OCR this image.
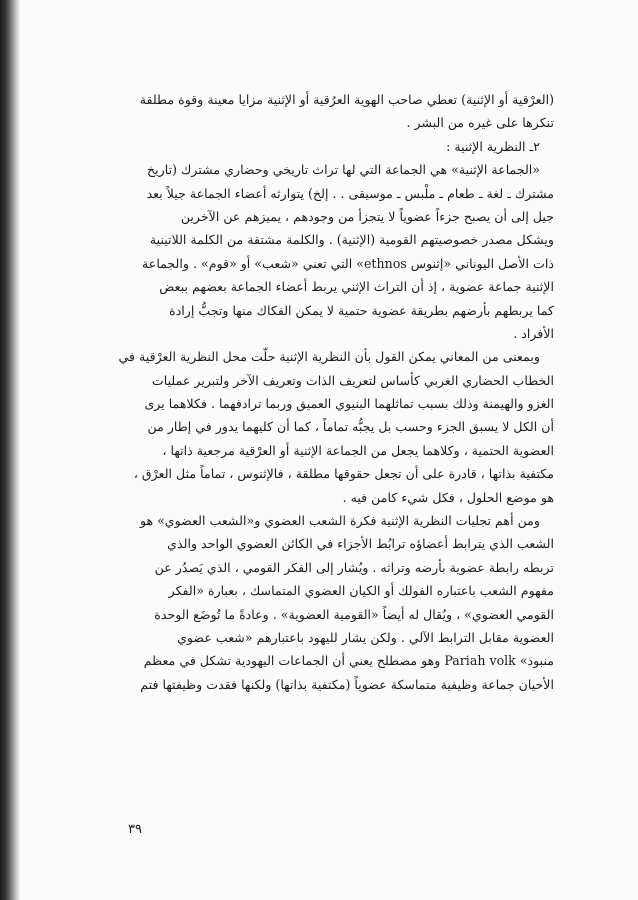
(العرْقية أو الإثنية) تعطي صاحب الهوية العرُقية أو الإثنية مزايا معينة وقوة مطلقة
تنكرها على غيره من البشر .
٢ـ النظرية الإثنية :
«الجماعة الإثنية» هي الجماعة التي لها تراث تاريخي وحضاري مشترك (تاريخ
مشترك ـ لغة ـ طعام ـ ملْبس ـ موسيقى . . إلخ) يتوارثه أعضاء الجماعة جيلاً بعد
جيل إلى أن يصبح جزءاً عضوياً لا يتجزأ من وجودهم ، يميزهم عن الآخرين
ويشكل مصدر خصوصيتهم القومية (الإثنية) . والكلمة مشتقة من الكلمة اللاتينية
ذات الأصل اليوناني «إثنوس ethnos» التي تعني «شعب» أو «قوم» . والجماعة
الإثنية جماعة عضوية ، إذ أن التراث الإثني يربط أعضاء الجماعة بعضهم ببعض
كما يربطهم بأرضهم بطريقة عضوية حتمية لا يمكن الفكاك منها وتجبُّ إرادة
الأفراد .
وبمعنى من المعاني يمكن القول بأن النظرية الإثنية حلّت محل النظرية العرْقية في
الخطاب الحضاري الغربي كأساس لتعريف الذات وتعريف الآخر ولتبرير عمليات
الغزو والهيمنة وذلك بسبب تماثلهما البنيوي العميق وربما ترادفهما . فكلاهما يرى
أن الكل لا يسبق الجزء وحسب بل يجبُّه تماماً ، كما أن كليهما يدور في إطار من
العضوية الحتمية ، وكلاهما يجعل من الجماعة الإثنية أو العرْقية مرجعية ذاتها ،
مكتفية بذاتها ، قادرة على أن تجعل حقوقها مطلقة ، فالإثنوس ، تماماً مثل العرْق ،
هو موضع الحلول ، فكل شيء كامن فيه .
ومن أهم تجليات النظرية الإثنية فكرة الشعب العضوي و«الشعب العضوي» هو
الشعب الذي يترابط أعضاؤه ترابُط الأجزاء في الكائن العضوي الواحد والذي
تربطه رابطة عضوية بأرضه وتراثه . ويُشار إلى الفكر القومي ، الذي يَصدُر عن
مفهوم الشعب باعتباره الفولك أو الكيان العضوي المتماسك ، بعبارة «الفكر
القومي العضوي» ، ويُقال له أيضاً «القومية العضوية» . وعادةً ما تُوضَع الوحدة
العضوية مقابل الترابط الآلي . ولكن يشار لليهود باعتبارهم «شعب عضوي
منبوذ» Pariah volk وهو مصطلح يعني أن الجماعات اليهودية تشكل في معظم
الأحيان جماعة وظيفية متماسكة عضوياً (مكتفية بذاتها) ولكنها فقدت وظيفتها فتم
٣٩
